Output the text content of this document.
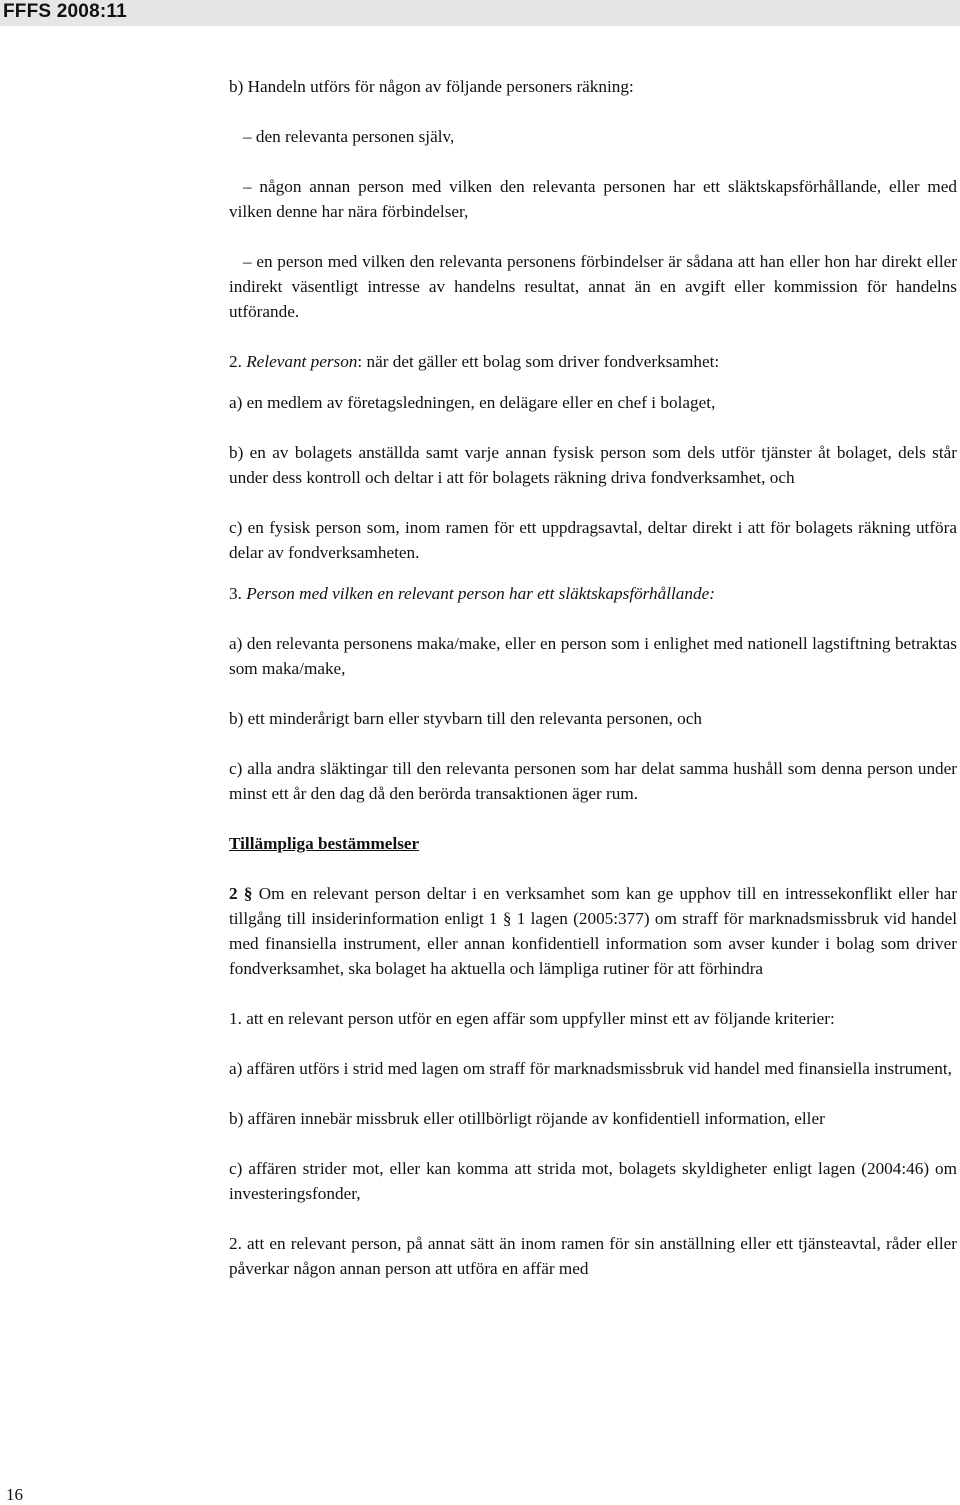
FFFS 2008:11

b) Handeln utförs för någon av följande personers räkning:

– den relevanta personen själv,

– någon annan person med vilken den relevanta personen har ett släktskapsförhållande, eller med vilken denne har nära förbindelser,

– en person med vilken den relevanta personens förbindelser är sådana att han eller hon har direkt eller indirekt väsentligt intresse av handelns resultat, annat än en avgift eller kommission för handelns utförande.

2. Relevant person: när det gäller ett bolag som driver fondverksamhet:

a) en medlem av företagsledningen, en delägare eller en chef i bolaget,

b) en av bolagets anställda samt varje annan fysisk person som dels utför tjänster åt bolaget, dels står under dess kontroll och deltar i att för bolagets räkning driva fondverksamhet, och

c) en fysisk person som, inom ramen för ett uppdragsavtal, deltar direkt i att för bolagets räkning utföra delar av fondverksamheten.

3. Person med vilken en relevant person har ett släktskapsförhållande:

a) den relevanta personens maka/make, eller en person som i enlighet med nationell lagstiftning betraktas som maka/make,

b) ett minderårigt barn eller styvbarn till den relevanta personen, och

c) alla andra släktingar till den relevanta personen som har delat samma hushåll som denna person under minst ett år den dag då den berörda transaktionen äger rum.

Tillämpliga bestämmelser

2 § Om en relevant person deltar i en verksamhet som kan ge upphov till en intressekonflikt eller har tillgång till insiderinformation enligt 1 § 1 lagen (2005:377) om straff för marknadsmissbruk vid handel med finansiella instrument, eller annan konfidentiell information som avser kunder i bolag som driver fondverksamhet, ska bolaget ha aktuella och lämpliga rutiner för att förhindra

1. att en relevant person utför en egen affär som uppfyller minst ett av följande kriterier:

a) affären utförs i strid med lagen om straff för marknadsmissbruk vid handel med finansiella instrument,

b) affären innebär missbruk eller otillbörligt röjande av konfidentiell information, eller

c) affären strider mot, eller kan komma att strida mot, bolagets skyldigheter enligt lagen (2004:46) om investeringsfonder,

2. att en relevant person, på annat sätt än inom ramen för sin anställning eller ett tjänsteavtal, råder eller påverkar någon annan person att utföra en affär med

16
